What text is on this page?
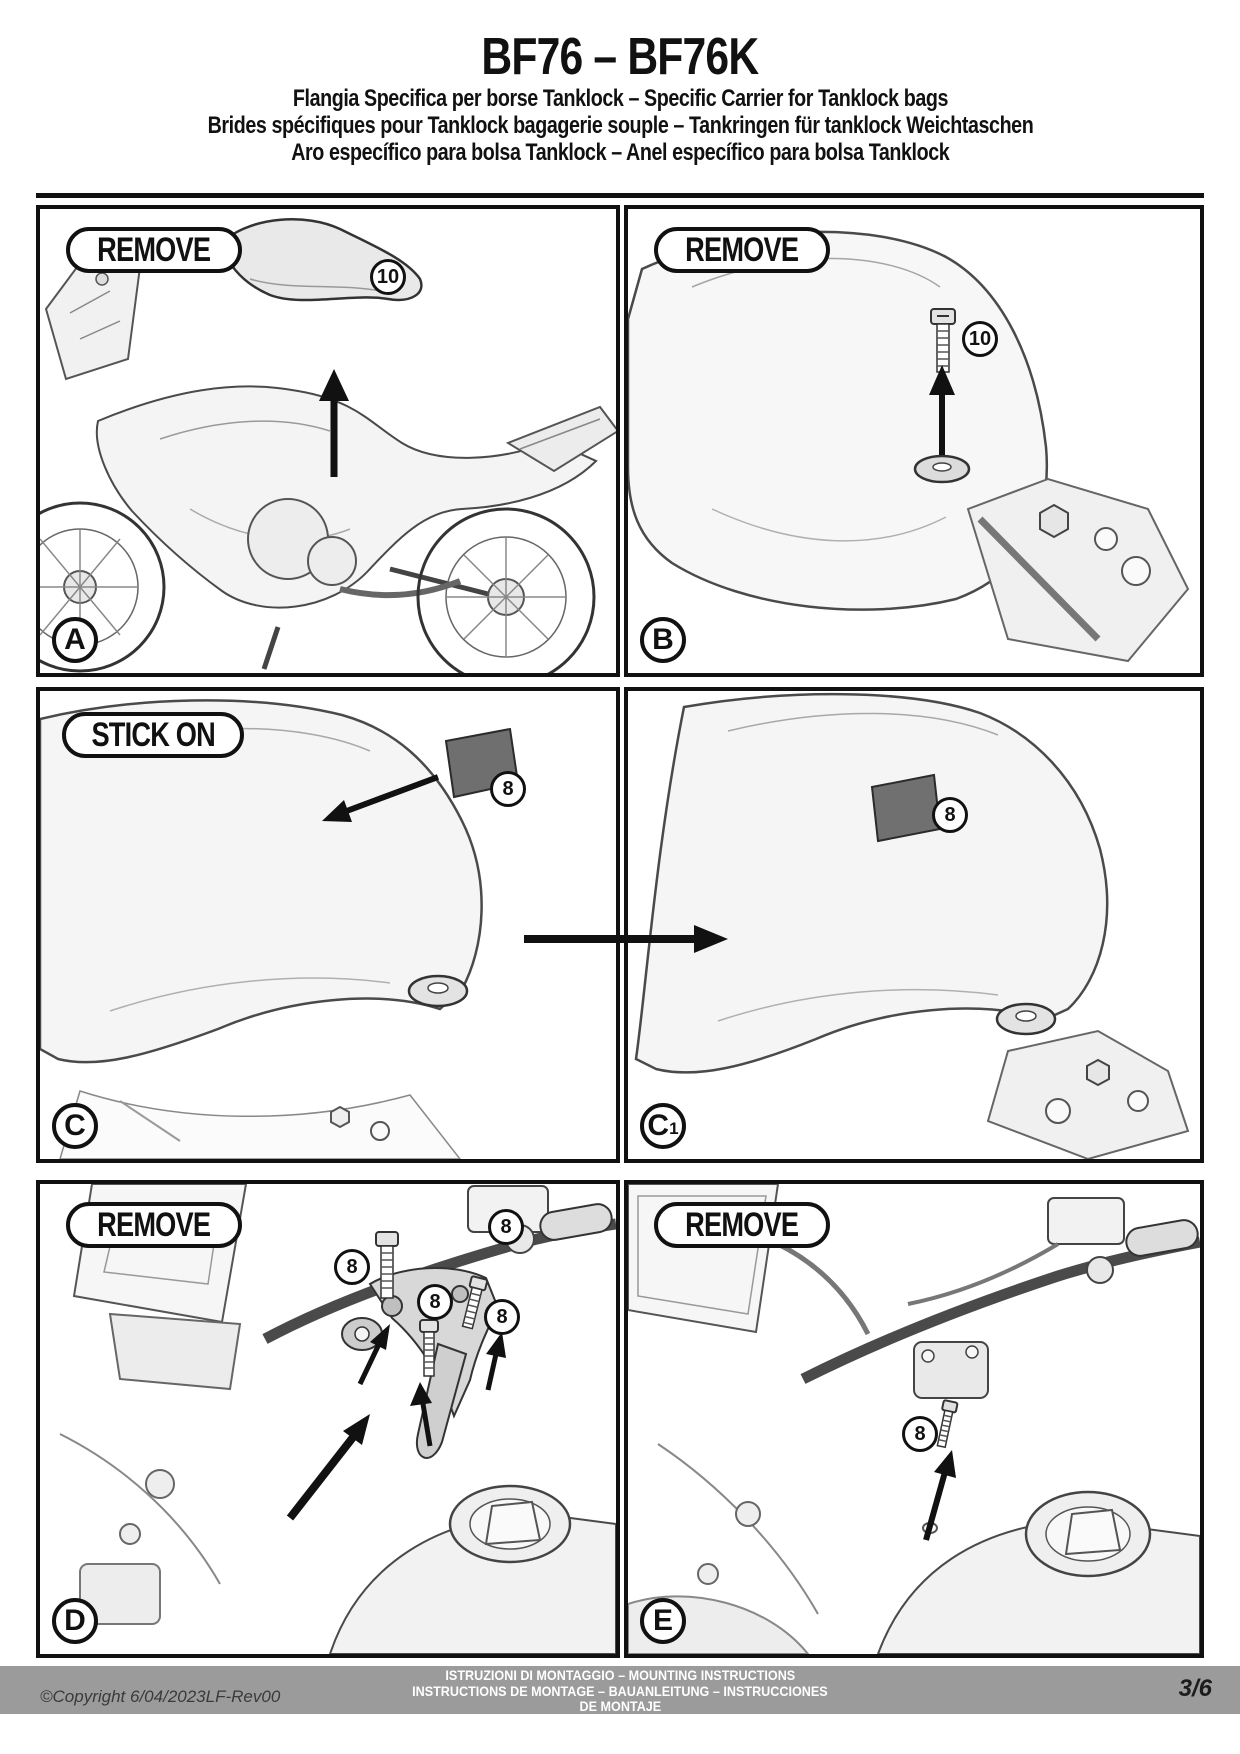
BF76 – BF76K
Flangia Specifica per borse Tanklock – Specific Carrier for Tanklock bags
Brides spécifiques pour Tanklock bagagerie souple – Tankringen für tanklock Weichtaschen
Aro específico para bolsa Tanklock – Anel específico para bolsa Tanklock
REMOVE
10
A
REMOVE
10
B
STICK ON
8
C
8
C 1
REMOVE
8
8
8
8
D
REMOVE
8
E
©Copyright 6/04/2023LF-Rev00
ISTRUZIONI DI MONTAGGIO – MOUNTING INSTRUCTIONS
INSTRUCTIONS DE MONTAGE – BAUANLEITUNG – INSTRUCCIONES
DE MONTAJE
3/6
